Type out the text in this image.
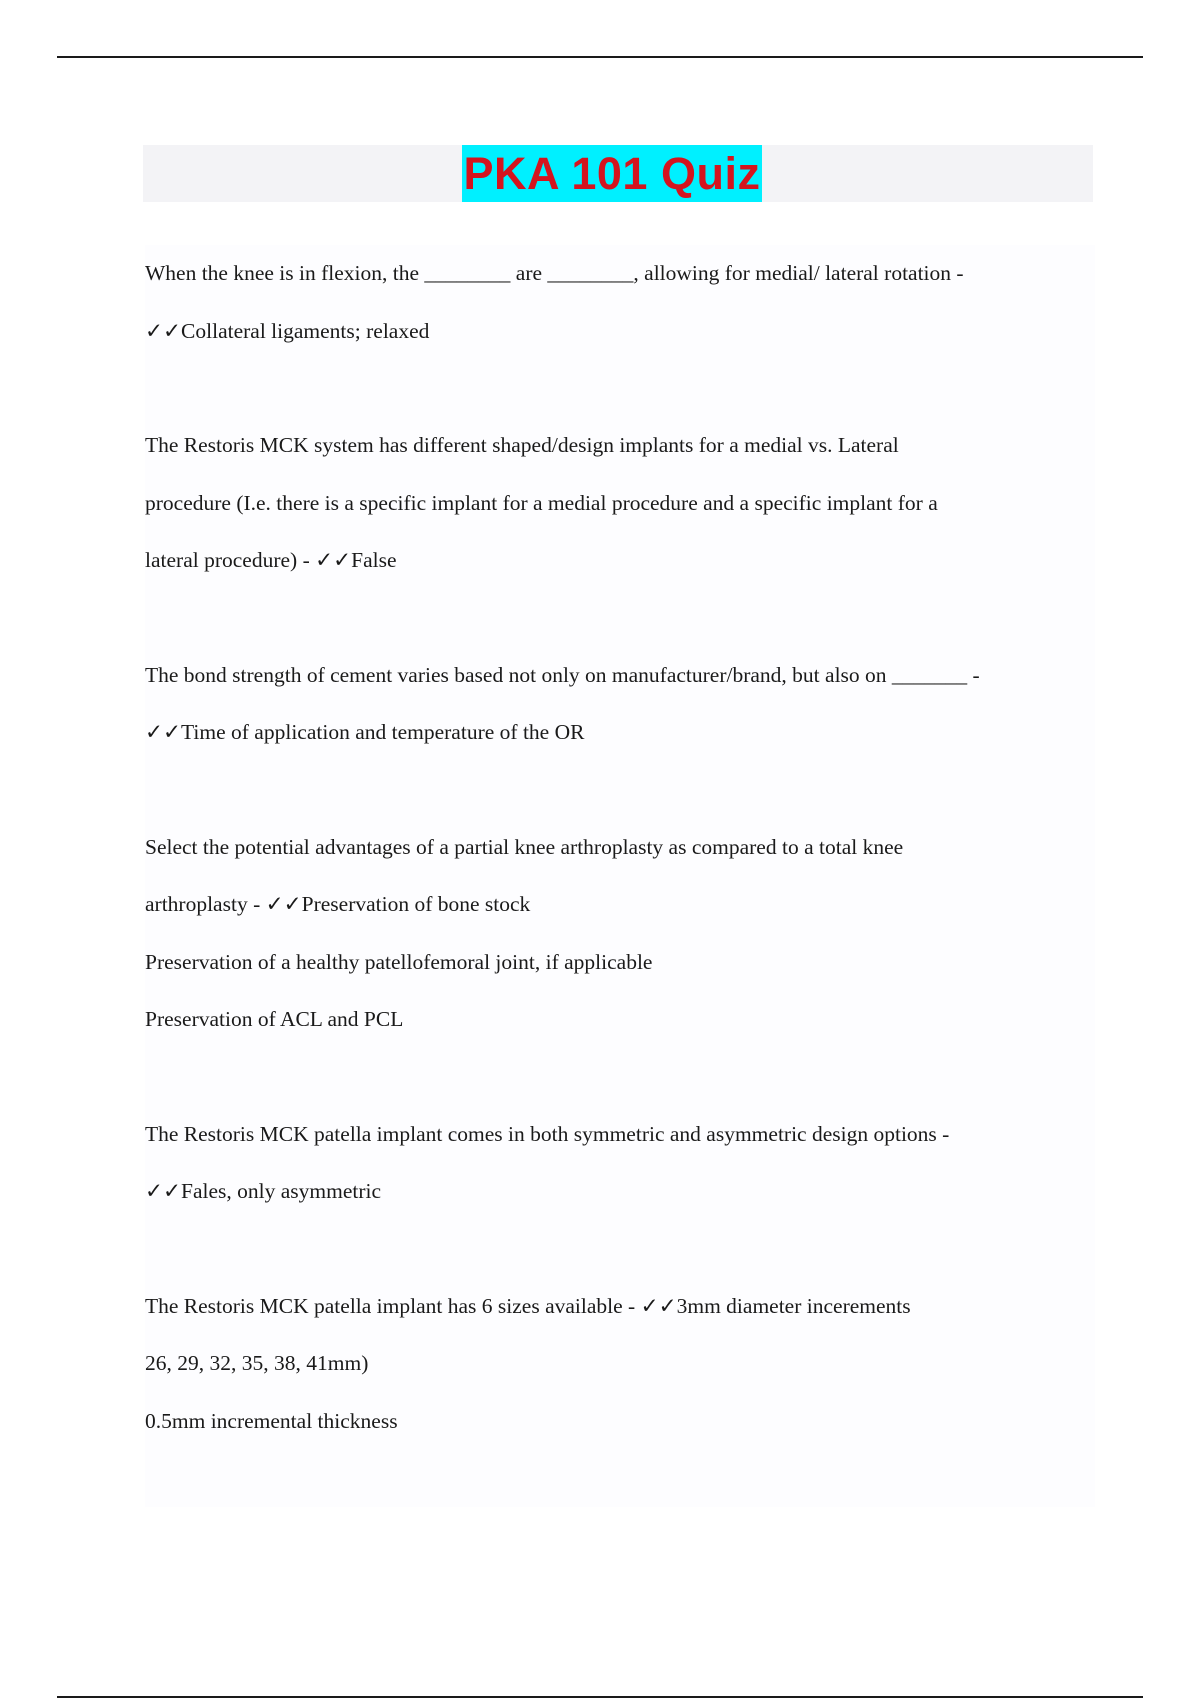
PKA 101 Quiz
When the knee is in flexion, the ________ are ________, allowing for medial/ lateral rotation -
✓✓Collateral ligaments; relaxed
The Restoris MCK system has different shaped/design implants for a medial vs. Lateral
procedure (I.e. there is a specific implant for a medial procedure and a specific implant for a
lateral procedure) - ✓✓False
The bond strength of cement varies based not only on manufacturer/brand, but also on _______ -
✓✓Time of application and temperature of the OR
Select the potential advantages of a partial knee arthroplasty as compared to a total knee
arthroplasty - ✓✓Preservation of bone stock
Preservation of a healthy patellofemoral joint, if applicable
Preservation of ACL and PCL
The Restoris MCK patella implant comes in both symmetric and asymmetric design options -
✓✓Fales, only asymmetric
The Restoris MCK patella implant has 6 sizes available - ✓✓3mm diameter incerements
26, 29, 32, 35, 38, 41mm)
0.5mm incremental thickness
